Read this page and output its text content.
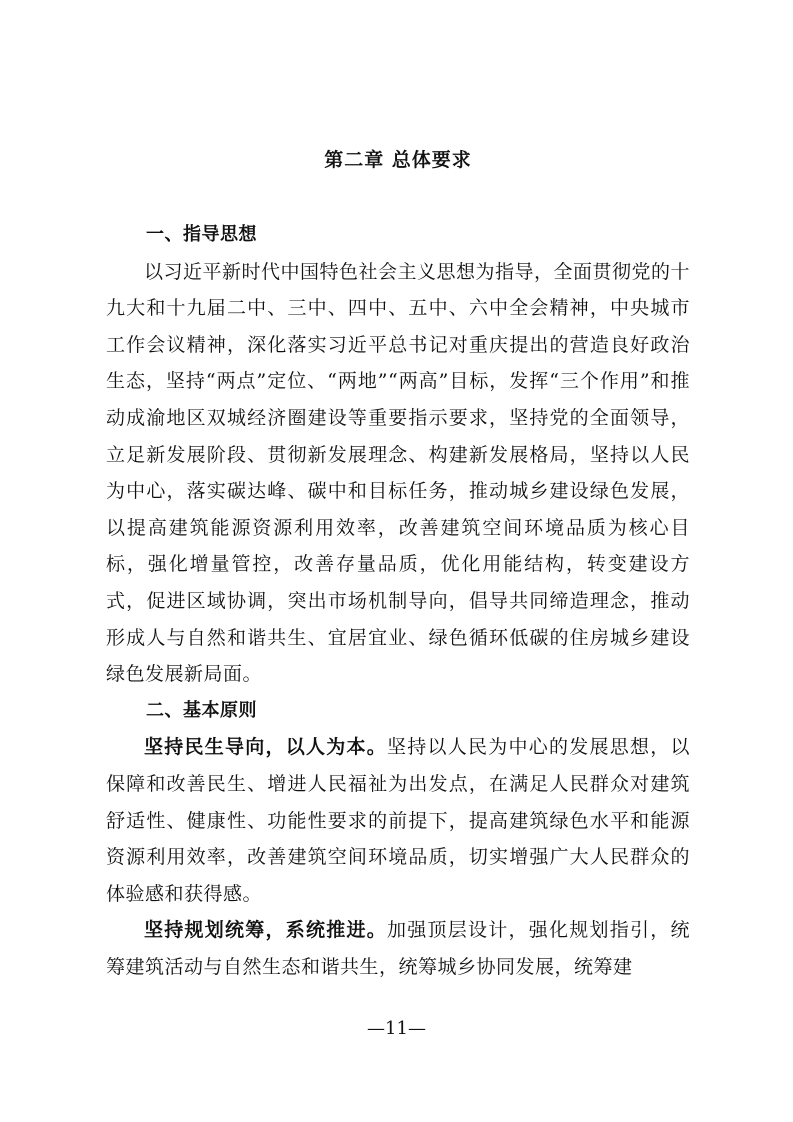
第二章 总体要求

一、指导思想

以习近平新时代中国特色社会主义思想为指导，全面贯彻党的十九大和十九届二中、三中、四中、五中、六中全会精神，中央城市工作会议精神，深化落实习近平总书记对重庆提出的营造良好政治生态，坚持“两点”定位、“两地”“两高”目标，发挥“三个作用”和推动成渝地区双城经济圈建设等重要指示要求，坚持党的全面领导，立足新发展阶段、贯彻新发展理念、构建新发展格局，坚持以人民为中心，落实碳达峰、碳中和目标任务，推动城乡建设绿色发展，以提高建筑能源资源利用效率，改善建筑空间环境品质为核心目标，强化增量管控，改善存量品质，优化用能结构，转变建设方式，促进区域协调，突出市场机制导向，倡导共同缔造理念，推动形成人与自然和谐共生、宜居宜业、绿色循环低碳的住房城乡建设绿色发展新局面。

二、基本原则

坚持民生导向，以人为本。坚持以人民为中心的发展思想，以保障和改善民生、增进人民福祉为出发点，在满足人民群众对建筑舒适性、健康性、功能性要求的前提下，提高建筑绿色水平和能源资源利用效率，改善建筑空间环境品质，切实增强广大人民群众的体验感和获得感。

坚持规划统筹，系统推进。加强顶层设计，强化规划指引，统筹建筑活动与自然生态和谐共生，统筹城乡协同发展，统筹建

—11—
